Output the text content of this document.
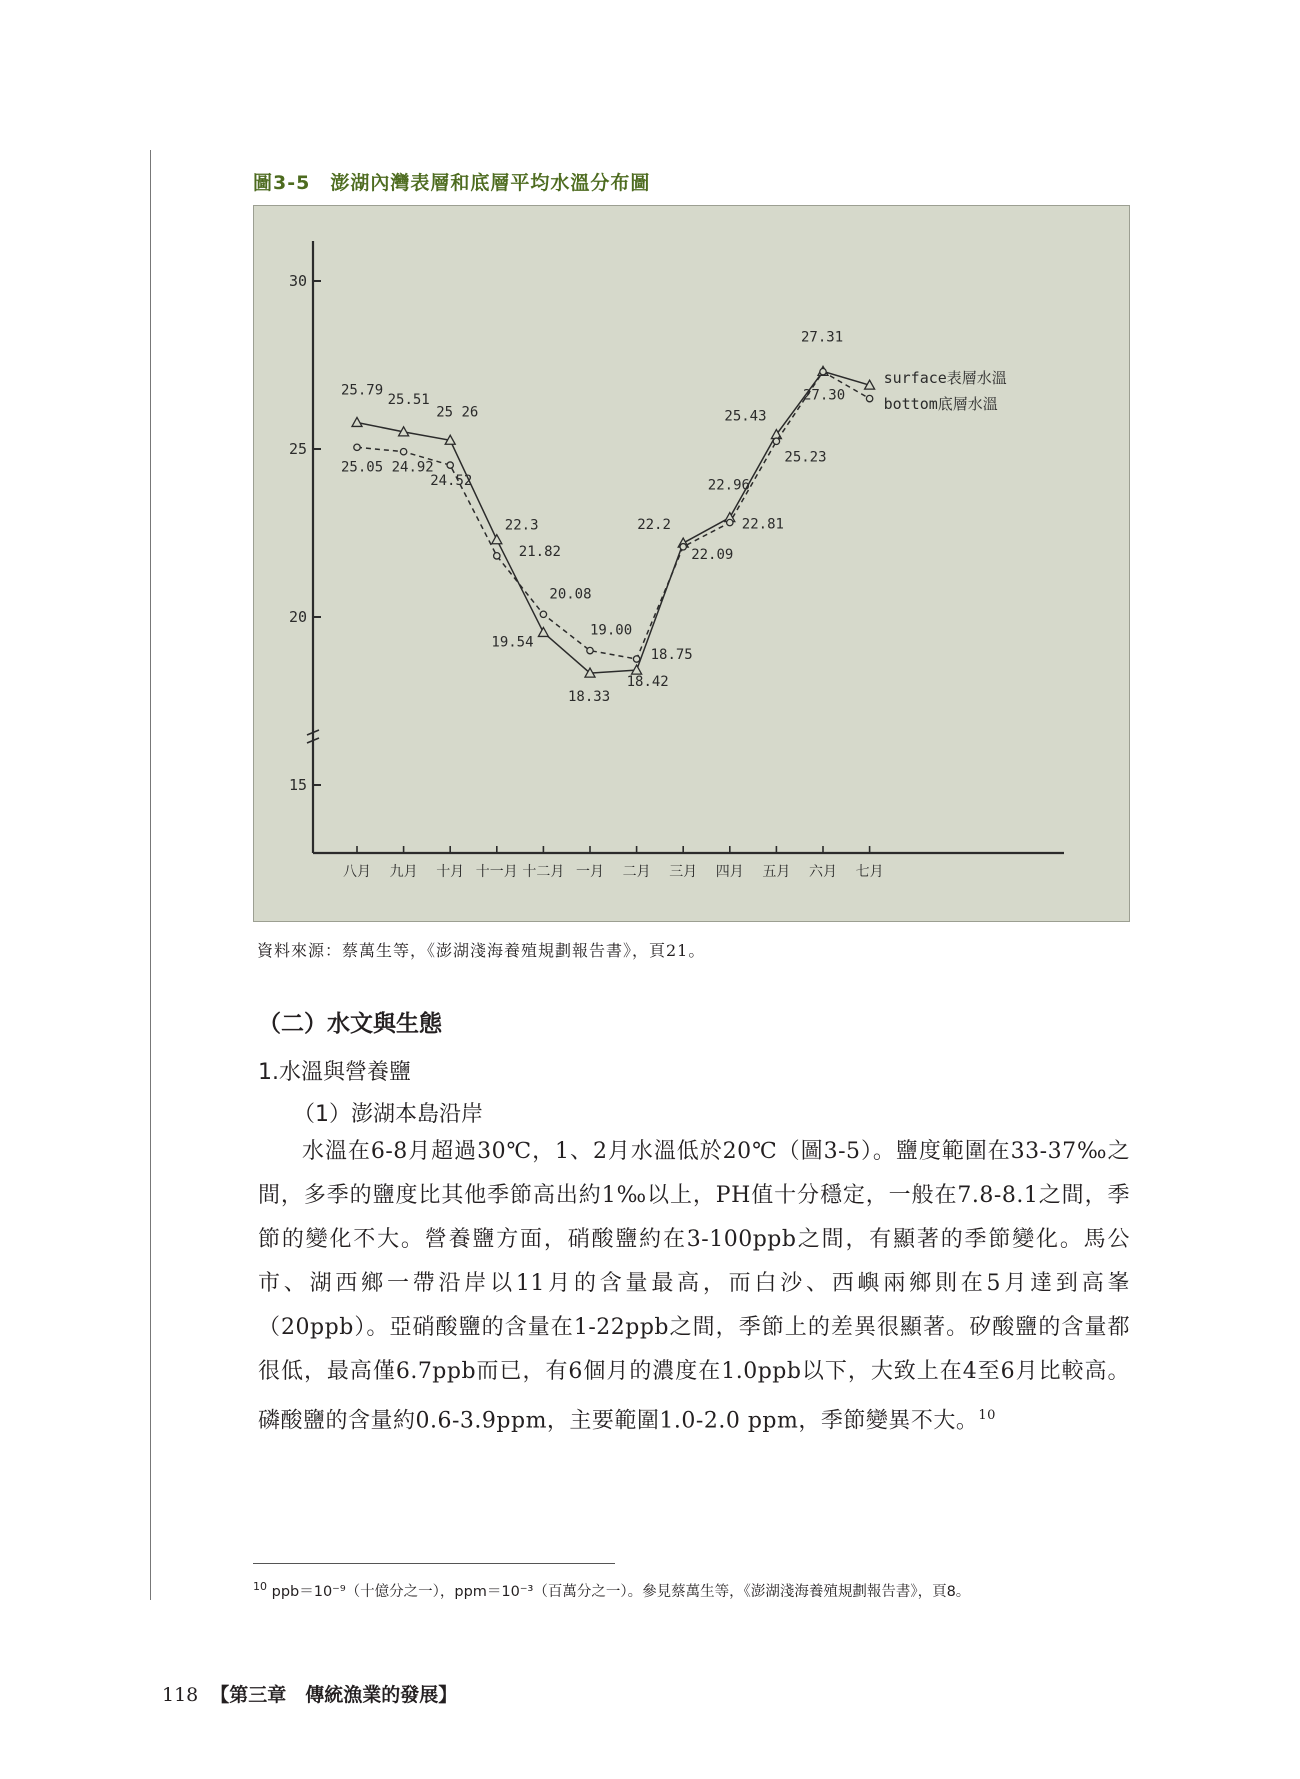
圖3-5　澎湖內灣表層和底層平均水溫分布圖
15
20
25
30
八月 九月 十月 十一月 十二月 一月 二月 三月 四月 五月 六月 七月
25.79
25.51
25 26
22.3
19.54
18.33
18.42
22.2
22.96
25.43
27.31
25.05 24.92
24.52
21.82
20.08
19.00
18.75
22.09
22.81
25.23
27.30
surface表層水溫
bottom底層水溫
資料來源：蔡萬生等，《澎湖淺海養殖規劃報告書》，頁21。
（二）水文與生態
1.水溫與營養鹽
（1）澎湖本島沿岸
水溫在6-8月超過30℃，1、2月水溫低於20℃（圖3-5）。鹽度範圍在33-37‰之間，多季的鹽度比其他季節高出約1‰以上，PH值十分穩定，一般在7.8-8.1之間，季節的變化不大。營養鹽方面，硝酸鹽約在3-100ppb之間，有顯著的季節變化。馬公市、湖西鄉一帶沿岸以11月的含量最高，而白沙、西嶼兩鄉則在5月達到高峯（20ppb）。亞硝酸鹽的含量在1-22ppb之間，季節上的差異很顯著。矽酸鹽的含量都很低，最高僅6.7ppb而已，有6個月的濃度在1.0ppb以下，大致上在4至6月比較高。磷酸鹽的含量約0.6-3.9ppm，主要範圍1.0-2.0 ppm，季節變異不大。$^{10}$
$^{10}$ ppb＝10⁻⁹（十億分之一），ppm＝10⁻³（百萬分之一）。參見蔡萬生等，《澎湖淺海養殖規劃報告書》，頁8。
118 【第三章　傳統漁業的發展】
